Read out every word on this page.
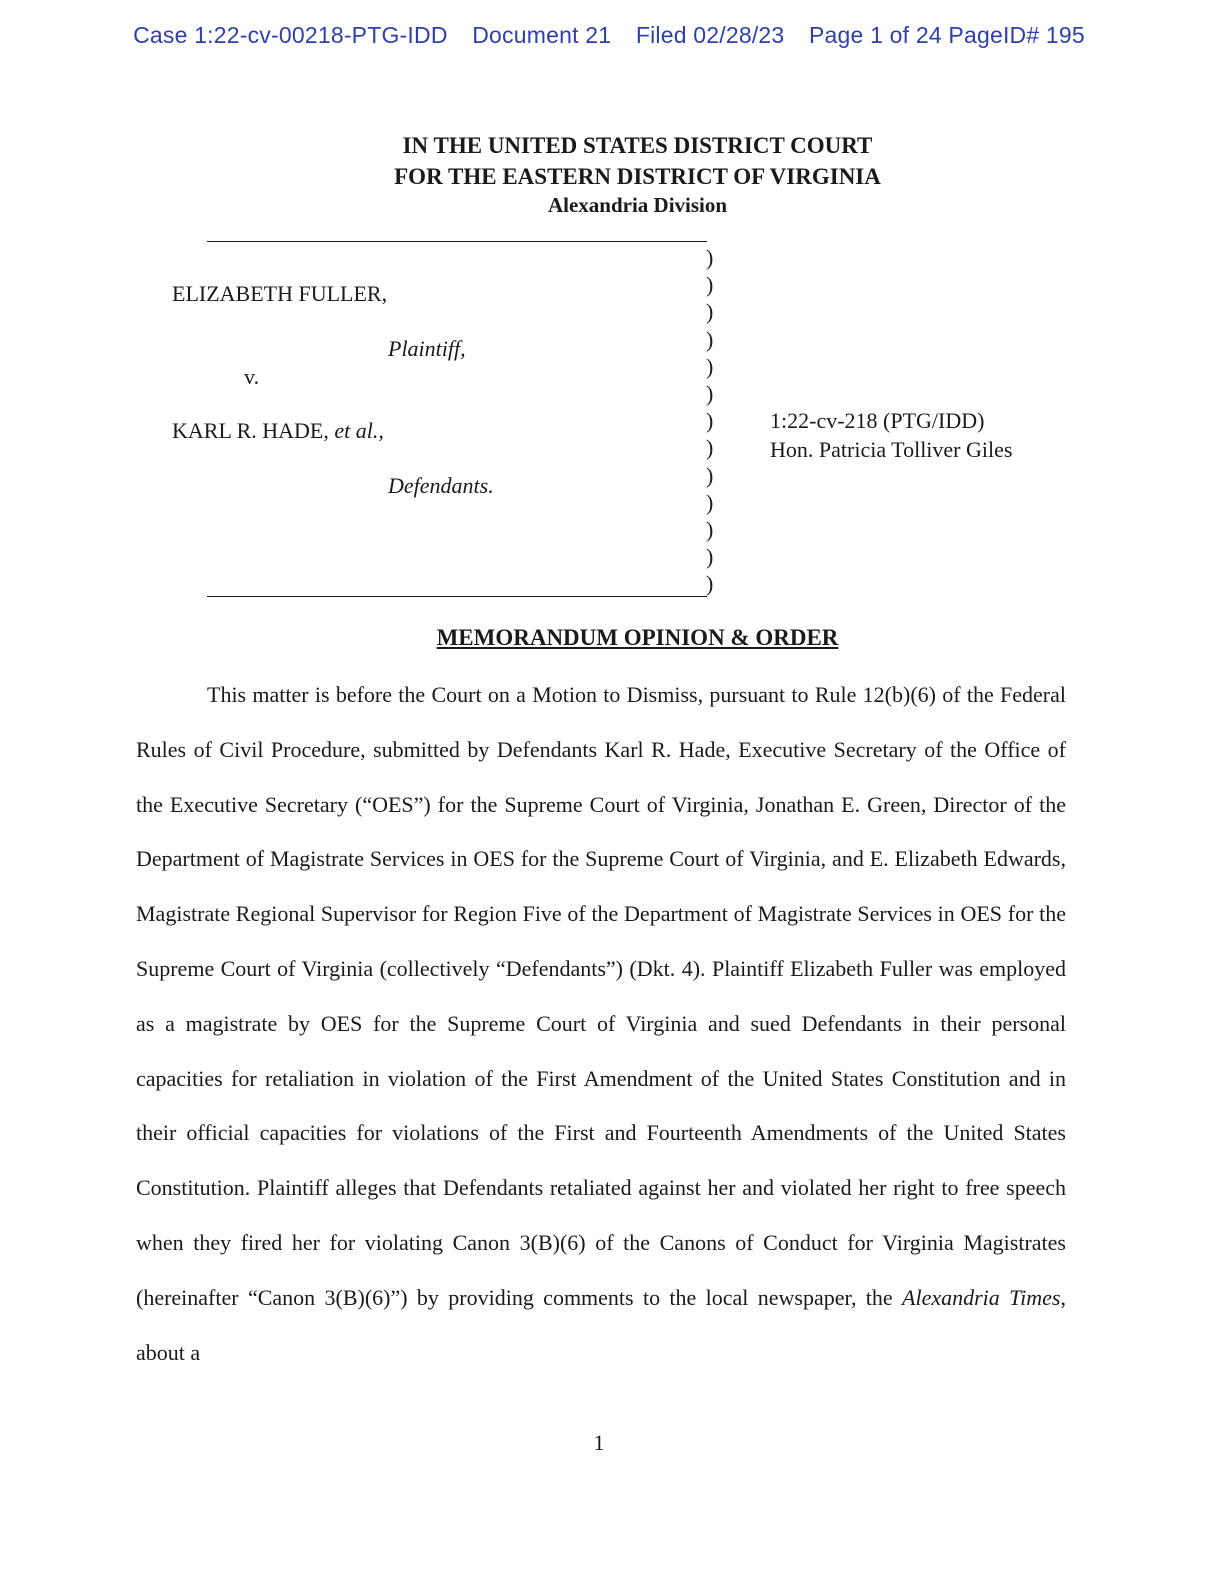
Case 1:22-cv-00218-PTG-IDD Document 21 Filed 02/28/23 Page 1 of 24 PageID# 195
IN THE UNITED STATES DISTRICT COURT
FOR THE EASTERN DISTRICT OF VIRGINIA
Alexandria Division
)
)
)
)
)
)
)
)
)
)
)
)
)
ELIZABETH FULLER,
Plaintiff,
v.
KARL R. HADE, et al.,
Defendants.
1:22-cv-218 (PTG/IDD)
Hon. Patricia Tolliver Giles
MEMORANDUM OPINION & ORDER

This matter is before the Court on a Motion to Dismiss, pursuant to Rule 12(b)(6) of the Federal Rules of Civil Procedure, submitted by Defendants Karl R. Hade, Executive Secretary of the Office of the Executive Secretary (“OES”) for the Supreme Court of Virginia, Jonathan E. Green, Director of the Department of Magistrate Services in OES for the Supreme Court of Virginia, and E. Elizabeth Edwards, Magistrate Regional Supervisor for Region Five of the Department of Magistrate Services in OES for the Supreme Court of Virginia (collectively “Defendants”) (Dkt. 4). Plaintiff Elizabeth Fuller was employed as a magistrate by OES for the Supreme Court of Virginia and sued Defendants in their personal capacities for retaliation in violation of the First Amendment of the United States Constitution and in their official capacities for violations of the First and Fourteenth Amendments of the United States Constitution. Plaintiff alleges that Defendants retaliated against her and violated her right to free speech when they fired her for violating Canon 3(B)(6) of the Canons of Conduct for Virginia Magistrates (hereinafter “Canon 3(B)(6)”) by providing comments to the local newspaper, the Alexandria Times, about a

1
